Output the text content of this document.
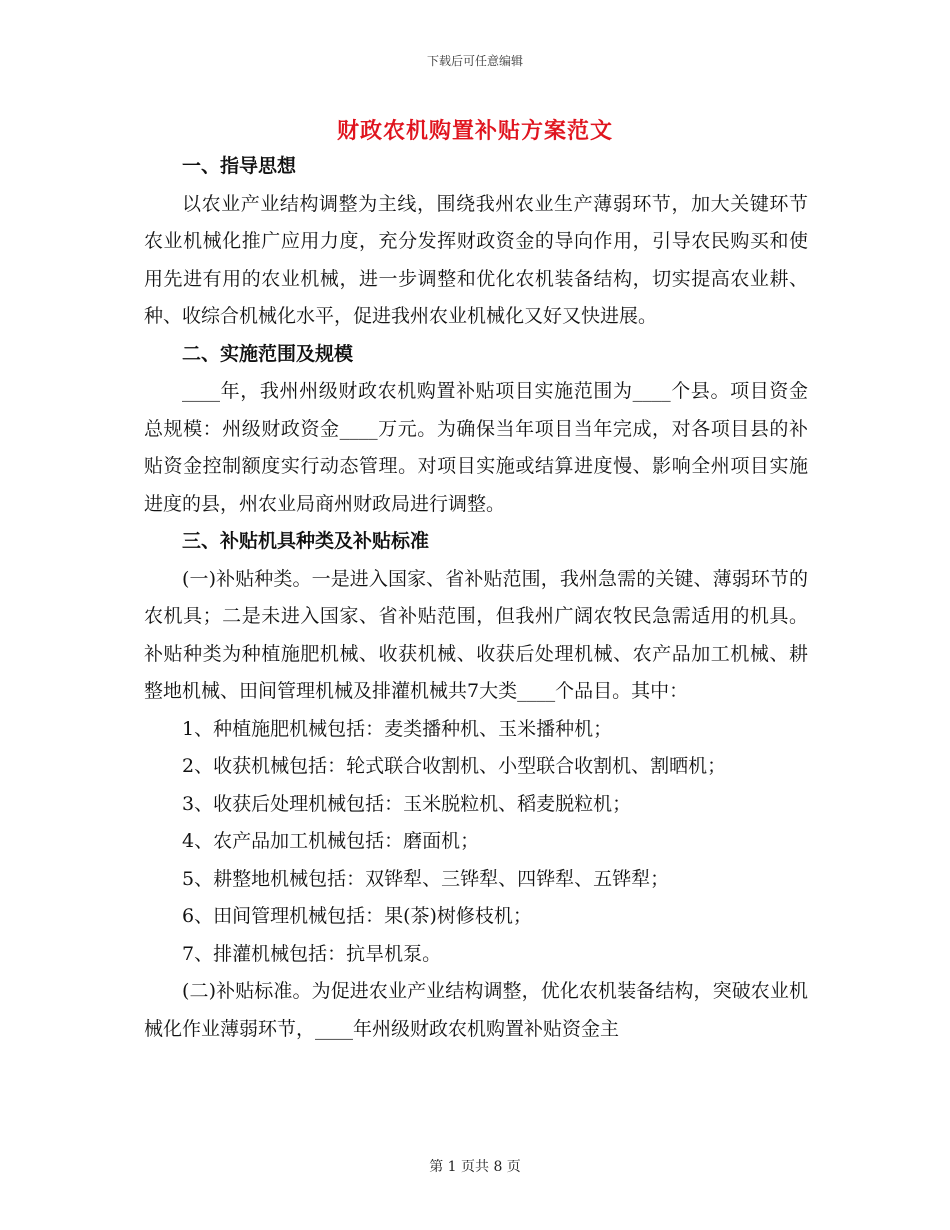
下载后可任意编辑
财政农机购置补贴方案范文

一、指导思想

以农业产业结构调整为主线，围绕我州农业生产薄弱环节，加大关键环节农业机械化推广应用力度，充分发挥财政资金的导向作用，引导农民购买和使用先进有用的农业机械，进一步调整和优化农机装备结构，切实提高农业耕、种、收综合机械化水平，促进我州农业机械化又好又快进展。

二、实施范围及规模

____年，我州州级财政农机购置补贴项目实施范围为____个县。项目资金总规模：州级财政资金____万元。为确保当年项目当年完成，对各项目县的补贴资金控制额度实行动态管理。对项目实施或结算进度慢、影响全州项目实施进度的县，州农业局商州财政局进行调整。

三、补贴机具种类及补贴标准

(一)补贴种类。一是进入国家、省补贴范围，我州急需的关键、薄弱环节的农机具；二是未进入国家、省补贴范围，但我州广阔农牧民急需适用的机具。补贴种类为种植施肥机械、收获机械、收获后处理机械、农产品加工机械、耕整地机械、田间管理机械及排灌机械共7大类____个品目。其中：

1、种植施肥机械包括：麦类播种机、玉米播种机；

2、收获机械包括：轮式联合收割机、小型联合收割机、割晒机；

3、收获后处理机械包括：玉米脱粒机、稻麦脱粒机；

4、农产品加工机械包括：磨面机；

5、耕整地机械包括：双铧犁、三铧犁、四铧犁、五铧犁；

6、田间管理机械包括：果(茶)树修枝机；

7、排灌机械包括：抗旱机泵。

(二)补贴标准。为促进农业产业结构调整，优化农机装备结构，突破农业机械化作业薄弱环节，____年州级财政农机购置补贴资金主

第 1 页共 8 页
